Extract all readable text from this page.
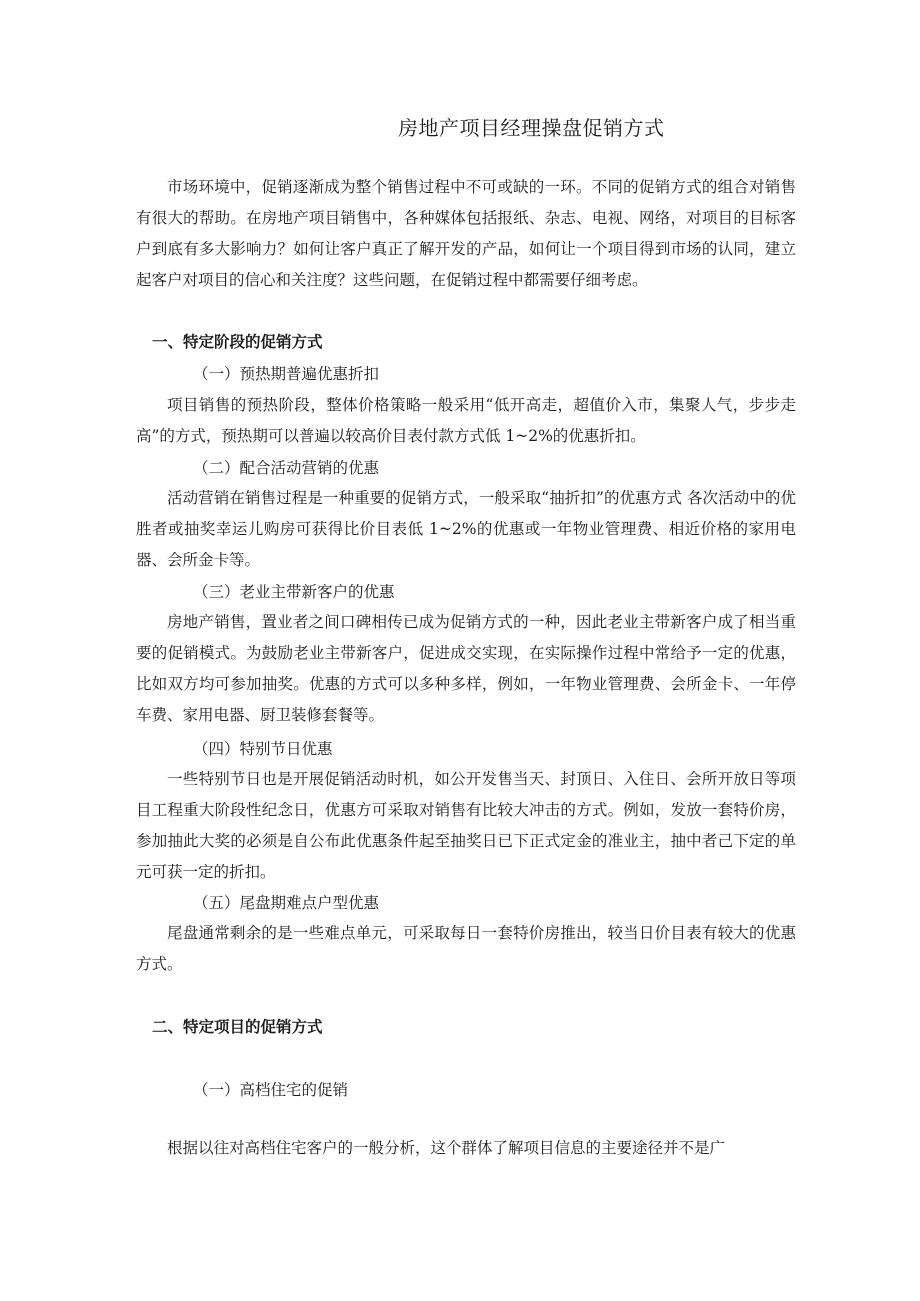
房地产项目经理操盘促销方式

市场环境中，促销逐渐成为整个销售过程中不可或缺的一环。不同的促销方式的组合对销售有很大的帮助。在房地产项目销售中，各种媒体包括报纸、杂志、电视、网络，对项目的目标客户到底有多大影响力？如何让客户真正了解开发的产品，如何让一个项目得到市场的认同，建立起客户对项目的信心和关注度？这些问题，在促销过程中都需要仔细考虑。

一、特定阶段的促销方式
（一）预热期普遍优惠折扣

项目销售的预热阶段，整体价格策略一般采用“低开高走，超值价入市，集聚人气，步步走高”的方式，预热期可以普遍以较高价目表付款方式低 1~2%的优惠折扣。

（二）配合活动营销的优惠

活动营销在销售过程是一种重要的促销方式，一般采取“抽折扣”的优惠方式 各次活动中的优胜者或抽奖幸运儿购房可获得比价目表低 1~2%的优惠或一年物业管理费、相近价格的家用电器、会所金卡等。

（三）老业主带新客户的优惠

房地产销售，置业者之间口碑相传已成为促销方式的一种，因此老业主带新客户成了相当重要的促销模式。为鼓励老业主带新客户，促进成交实现，在实际操作过程中常给予一定的优惠，比如双方均可参加抽奖。优惠的方式可以多种多样，例如，一年物业管理费、会所金卡、一年停车费、家用电器、厨卫装修套餐等。

（四）特别节日优惠

一些特别节日也是开展促销活动时机，如公开发售当天、封顶日、入住日、会所开放日等项目工程重大阶段性纪念日，优惠方可采取对销售有比较大冲击的方式。例如，发放一套特价房，参加抽此大奖的必须是自公布此优惠条件起至抽奖日已下正式定金的准业主，抽中者己下定的单元可获一定的折扣。

（五）尾盘期难点户型优惠

尾盘通常剩余的是一些难点单元，可采取每日一套特价房推出，较当日价目表有较大的优惠方式。

二、特定项目的促销方式
（一）高档住宅的促销

根据以往对高档住宅客户的一般分析，这个群体了解项目信息的主要途径并不是广
